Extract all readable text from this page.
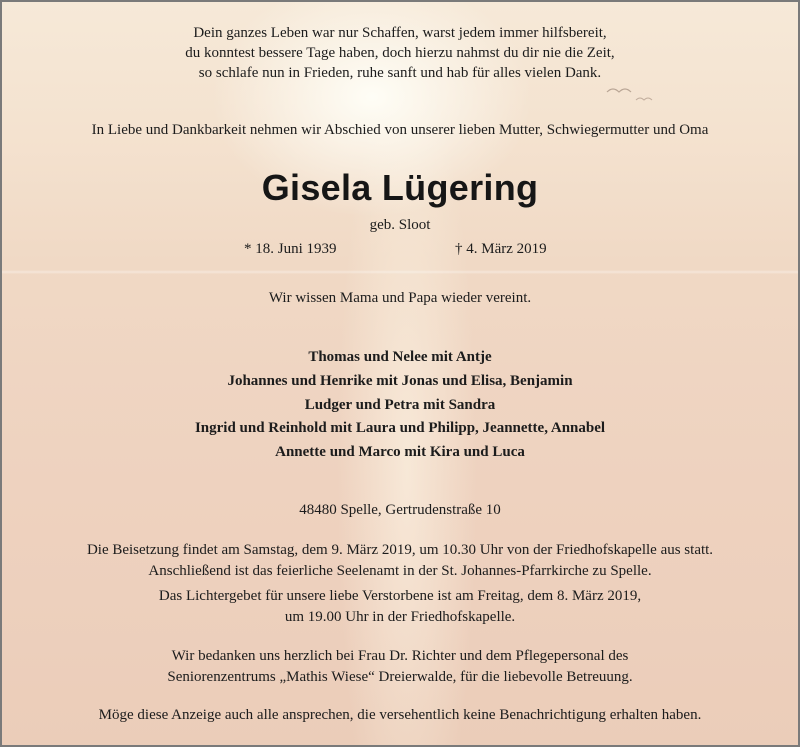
Dein ganzes Leben war nur Schaffen, warst jedem immer hilfsbereit,
du konntest bessere Tage haben, doch hierzu nahmst du dir nie die Zeit,
so schlafe nun in Frieden, ruhe sanft und hab für alles vielen Dank.
In Liebe und Dankbarkeit nehmen wir Abschied von unserer lieben Mutter, Schwiegermutter und Oma
Gisela Lügering
geb. Sloot
* 18. Juni 1939	† 4. März 2019
Wir wissen Mama und Papa wieder vereint.
Thomas und Nelee mit Antje
Johannes und Henrike mit Jonas und Elisa, Benjamin
Ludger und Petra mit Sandra
Ingrid und Reinhold mit Laura und Philipp, Jeannette, Annabel
Annette und Marco mit Kira und Luca
48480 Spelle, Gertrudenstraße 10
Die Beisetzung findet am Samstag, dem 9. März 2019, um 10.30 Uhr von der Friedhofskapelle aus statt.
Anschließend ist das feierliche Seelenamt in der St. Johannes-Pfarrkirche zu Spelle.
Das Lichtergebet für unsere liebe Verstorbene ist am Freitag, dem 8. März 2019,
um 19.00 Uhr in der Friedhofskapelle.
Wir bedanken uns herzlich bei Frau Dr. Richter und dem Pflegepersonal des
Seniorenzentrums „Mathis Wiese“ Dreierwalde, für die liebevolle Betreuung.
Möge diese Anzeige auch alle ansprechen, die versehentlich keine Benachrichtigung erhalten haben.
